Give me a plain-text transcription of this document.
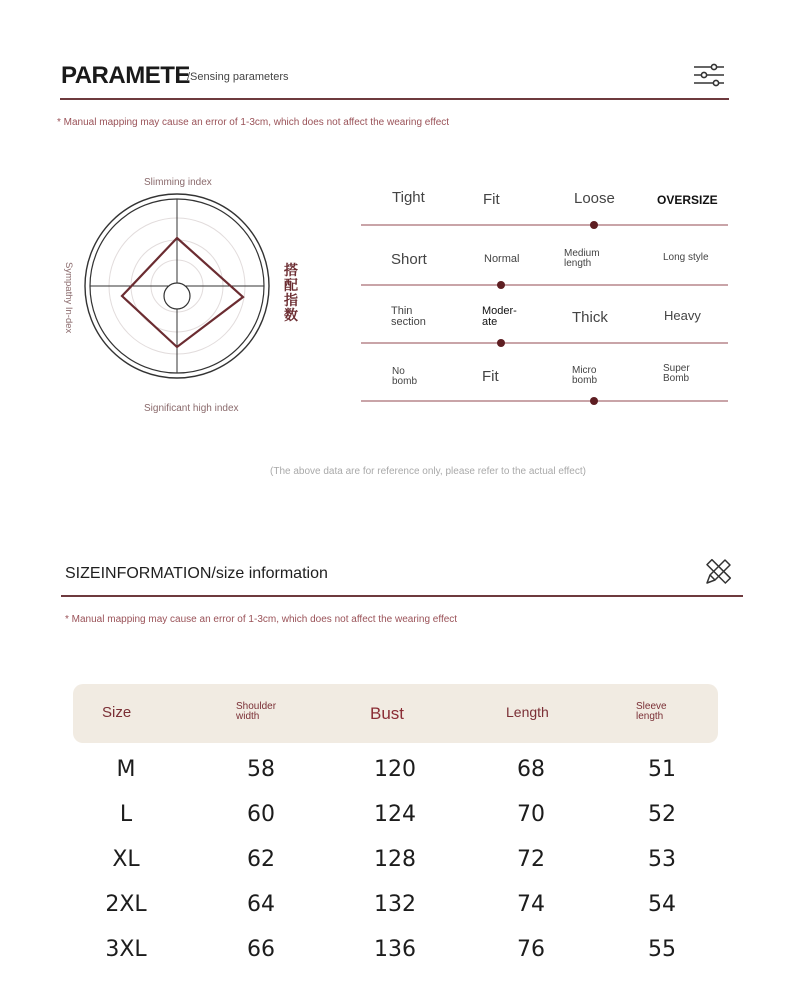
PARAMETE
/Sensing parameters
* Manual mapping may cause an error of 1-3cm, which does not affect the wearing effect
Slimming index
Sympathy In-dex	搭配指数
Significant high index
Tight	Fit	Loose	OVERSIZE
Short	Normal	Medium length
Long style
Thin section
Moder-ate	Thick	Heavy
No bomb	Fit	Micro bomb
Super Bomb
(The above data are for reference only, please refer to the actual effect)
SIZEINFORMATION/size information
* Manual mapping may cause an error of 1-3cm, which does not affect the wearing effect
Size	Shoulder width	Bust	Length	Sleeve length
M	58	120	68	51
L	60	124	70	52
XL	62	128	72	53
2XL	64	132	74	54
3XL	66	136	76	55
